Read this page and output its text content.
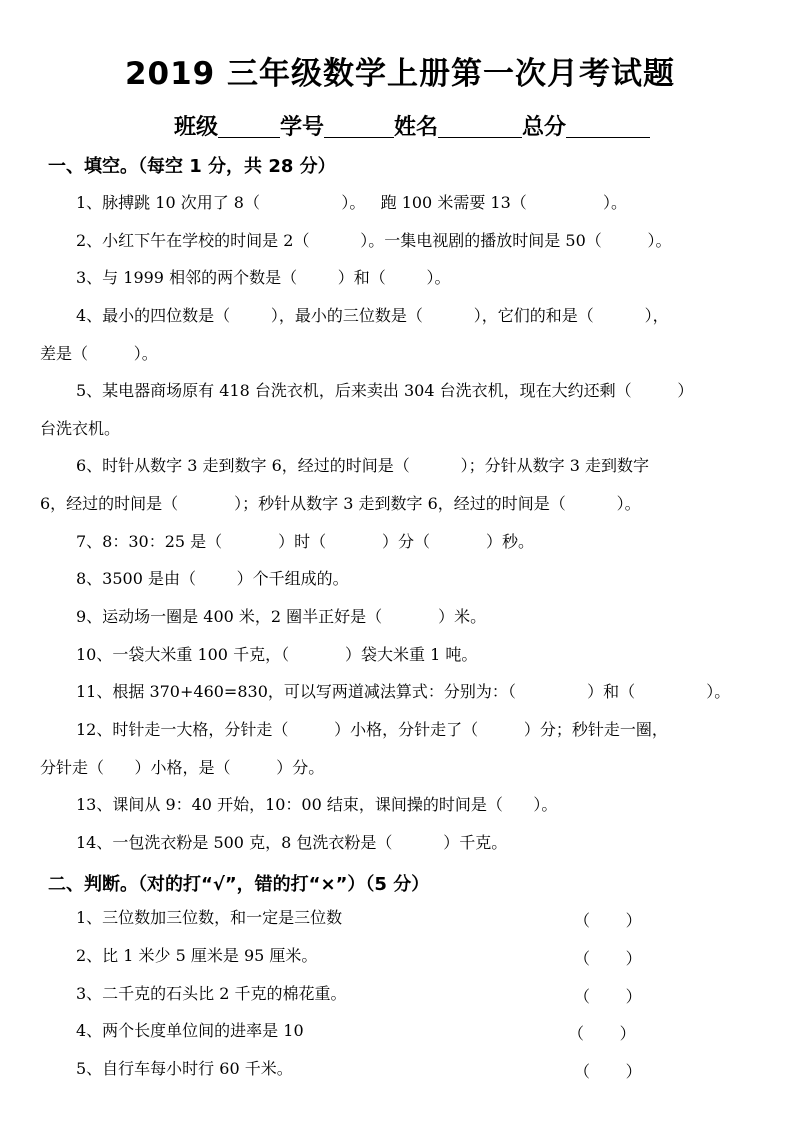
2019 三年级数学上册第一次月考试题
班级	学号	姓名	总分
一、填空。（每空 1 分，共 28 分）
1、脉搏跳 10 次用了 8（                ）。   跑 100 米需要 13（               ）。
2、小红下午在学校的时间是 2（          ）。一集电视剧的播放时间是 50（         ）。
3、与 1999 相邻的两个数是（        ）和（        ）。
4、最小的四位数是（        ），最小的三位数是（          ），它们的和是（          ），
差是（         ）。
5、某电器商场原有 418 台洗衣机，后来卖出 304 台洗衣机，现在大约还剩（         ）
台洗衣机。
6、时针从数字 3 走到数字 6，经过的时间是（          ）；分针从数字 3 走到数字
6，经过的时间是（           ）；秒针从数字 3 走到数字 6，经过的时间是（          ）。
7、8：30：25 是（           ）时（           ）分（           ）秒。
8、3500 是由（        ）个千组成的。
9、运动场一圈是 400 米，2 圈半正好是（           ）米。
10、一袋大米重 100 千克，（           ）袋大米重 1 吨。
11、根据 370+460=830，可以写两道减法算式：分别为：（              ）和（              ）。
12、时针走一大格，分针走（         ）小格，分针走了（         ）分；秒针走一圈，
分针走（      ）小格，是（         ）分。
13、课间从 9：40 开始，10：00 结束，课间操的时间是（      ）。
14、一包洗衣粉是 500 克，8 包洗衣粉是（          ）千克。
二、判断。（对的打“√”，错的打“×”）（5 分）
1、三位数加三位数，和一定是三位数	（       ）
2、比 1 米少 5 厘米是 95 厘米。	（       ）
3、二千克的石头比 2 千克的棉花重。	（       ）
4、两个长度单位间的进率是 10	（       ）
5、自行车每小时行 60 千米。	（       ）
